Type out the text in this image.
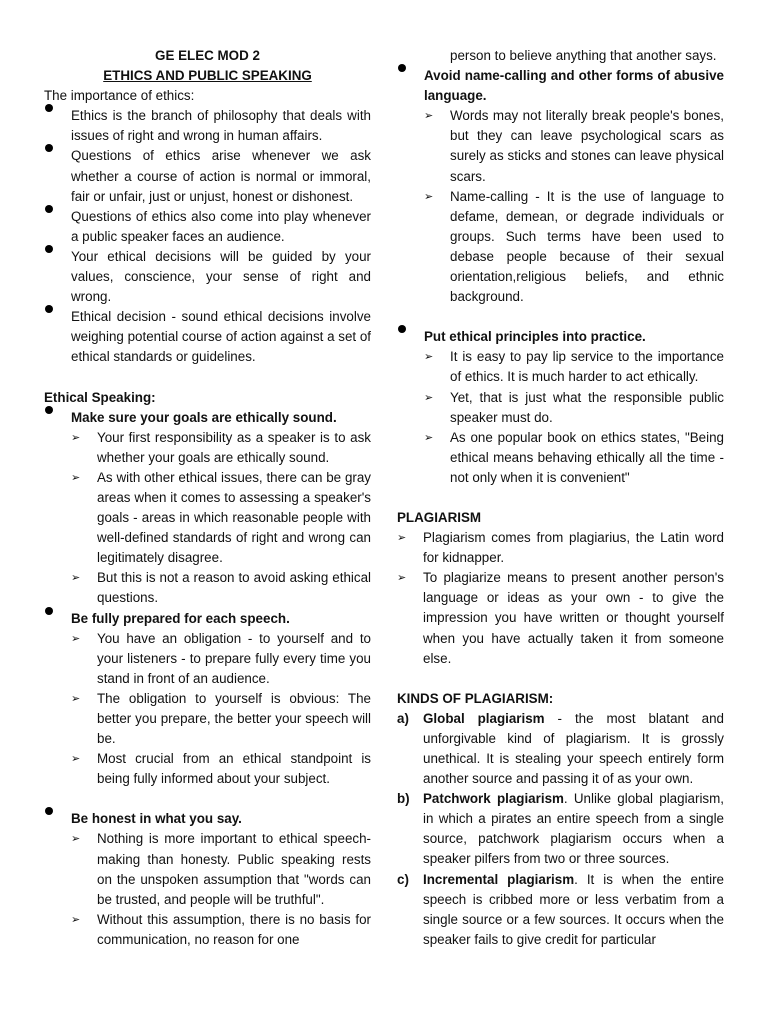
GE ELEC MOD 2

ETHICS AND PUBLIC SPEAKING

The importance of ethics:

Ethics is the branch of philosophy that deals with issues of right and wrong in human affairs.
Questions of ethics arise whenever we ask whether a course of action is normal or immoral, fair or unfair, just or unjust, honest or dishonest.
Questions of ethics also come into play whenever a public speaker faces an audience.
Your ethical decisions will be guided by your values, conscience, your sense of right and wrong.
Ethical decision - sound ethical decisions involve weighing potential course of action against a set of ethical standards or guidelines.

Ethical Speaking:

Make sure your goals are ethically sound.
➢ Your first responsibility as a speaker is to ask whether your goals are ethically sound.
➢ As with other ethical issues, there can be gray areas when it comes to assessing a speaker's goals - areas in which reasonable people with well-defined standards of right and wrong can legitimately disagree.
➢ But this is not a reason to avoid asking ethical questions.
Be fully prepared for each speech.
➢ You have an obligation - to yourself and to your listeners - to prepare fully every time you stand in front of an audience.
➢ The obligation to yourself is obvious: The better you prepare, the better your speech will be.
➢ Most crucial from an ethical standpoint is being fully informed about your subject.
Be honest in what you say.
➢ Nothing is more important to ethical speech-making than honesty. Public speaking rests on the unspoken assumption that "words can be trusted, and people will be truthful".
➢ Without this assumption, there is no basis for communication, no reason for one
person to believe anything that another says.
Avoid name-calling and other forms of abusive language.
➢ Words may not literally break people's bones, but they can leave psychological scars as surely as sticks and stones can leave physical scars.
➢ Name-calling - It is the use of language to defame, demean, or degrade individuals or groups. Such terms have been used to debase people because of their sexual orientation,religious beliefs, and ethnic background.
Put ethical principles into practice.
➢ It is easy to pay lip service to the importance of ethics. It is much harder to act ethically.
➢ Yet, that is just what the responsible public speaker must do.
➢ As one popular book on ethics states, "Being ethical means behaving ethically all the time - not only when it is convenient"

PLAGIARISM

➢ Plagiarism comes from plagiarius, the Latin word for kidnapper.
➢ To plagiarize means to present another person's language or ideas as your own - to give the impression you have written or thought yourself when you have actually taken it from someone else.

KINDS OF PLAGIARISM:

a) Global plagiarism - the most blatant and unforgivable kind of plagiarism. It is grossly unethical. It is stealing your speech entirely form another source and passing it of as your own.
b) Patchwork plagiarism. Unlike global plagiarism, in which a pirates an entire speech from a single source, patchwork plagiarism occurs when a speaker pilfers from two or three sources.
c) Incremental plagiarism. It is when the entire speech is cribbed more or less verbatim from a single source or a few sources. It occurs when the speaker fails to give credit for particular
